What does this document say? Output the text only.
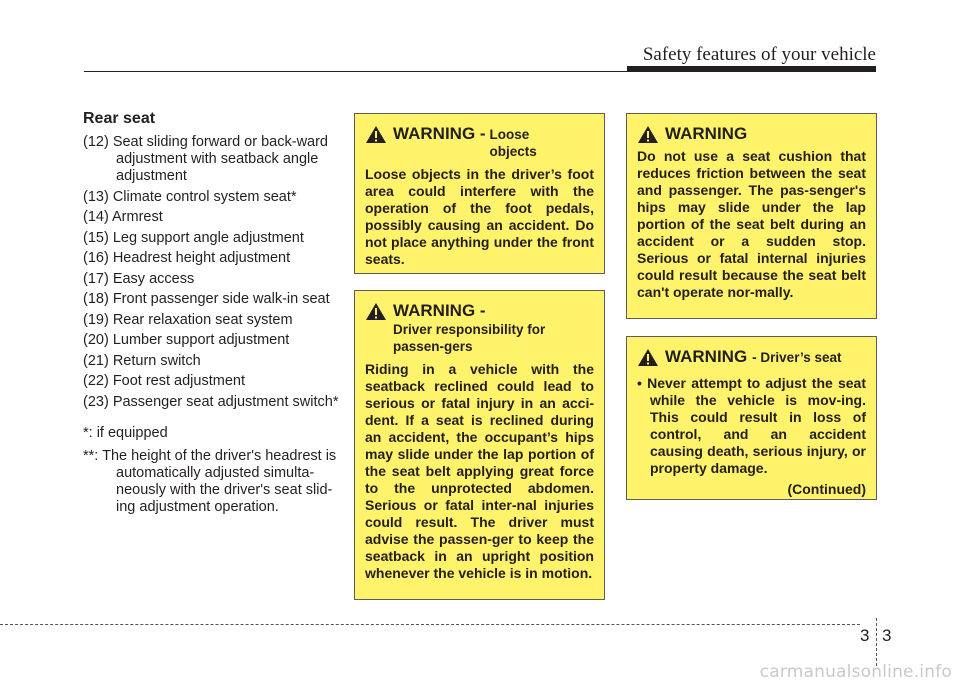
Safety features of your vehicle
Rear seat
(12) Seat sliding forward or back-ward adjustment with seatback angle adjustment
(13) Climate control system seat*
(14) Armrest
(15) Leg support angle adjustment
(16) Headrest height adjustment
(17) Easy access
(18) Front passenger side walk-in seat
(19) Rear relaxation seat system
(20) Lumber support adjustment
(21) Return switch
(22) Foot rest adjustment
(23) Passenger seat adjustment switch*
*: if equipped
**: The height of the driver's headrest is automatically adjusted simulta-neously with the driver's seat slid-ing adjustment operation.
WARNING - Loose objects

Loose objects in the driver’s foot area could interfere with the operation of the foot pedals, possibly causing an accident. Do not place anything under the front seats.

WARNING -
Driver responsibility for passen-gers

Riding in a vehicle with the seatback reclined could lead to serious or fatal injury in an acci-dent. If a seat is reclined during an accident, the occupant’s hips may slide under the lap portion of the seat belt applying great force to the unprotected abdomen. Serious or fatal inter-nal injuries could result. The driver must advise the passen-ger to keep the seatback in an upright position whenever the vehicle is in motion.

WARNING

Do not use a seat cushion that reduces friction between the seat and passenger. The pas-senger's hips may slide under the lap portion of the seat belt during an accident or a sudden stop. Serious or fatal internal injuries could result because the seat belt can't operate nor-mally.

WARNING - Driver’s seat

• Never attempt to adjust the seat while the vehicle is mov-ing. This could result in loss of control, and an accident causing death, serious injury, or property damage.

(Continued)
3 3
carmanualsonline.info
